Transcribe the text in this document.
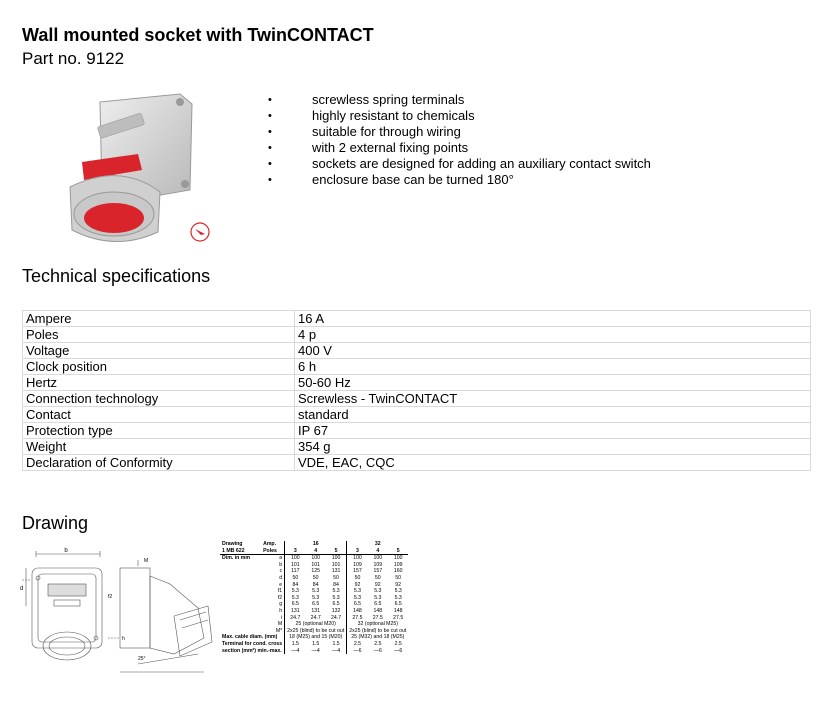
Wall mounted socket with TwinCONTACT
Part no. 9122
• screwless spring terminals
• highly resistant to chemicals
• suitable for through wiring
• with 2 external fixing points
• sockets are designed for adding an auxiliary contact switch
• enclosure base can be turned 180°
Technical specifications
Ampere	16 A
Poles	4 p
Voltage	400 V
Clock position	6 h
Hertz	50-60 Hz
Connection technology	Screwless - TwinCONTACT
Contact	standard
Protection type	IP 67
Weight	354 g
Declaration of Conformity	VDE, EAC, CQC
Drawing
b
d
M
f2
h
25°
Drawing	Amp.	16			32		
1 MB 622	Poles	3	4	5	3	4	5
Dim. in mm	a	100	100	100	100	100	100
	b	101	101	101	109	109	109
	c	117	125	131	157	157	160
	d	50	50	50	50	50	50
	e	84	84	84	92	92	92
	f1	5.3	5.3	5.3	5.3	5.3	5.3
	f2	5.3	5.3	5.3	5.3	5.3	5.3
	g	6.5	6.5	6.5	6.5	6.5	6.5
	h	131	131	132	148	148	148
	i	24.7	24.7	24.7	27.5	27.5	27.5
	M	25 (optional M20)			32 (optional M25)		
	M*	2x25 (blind) to be cut out			2x25 (blind) to be cut out		
Max. cable diam. (mm)		18 (M25) and 15 (M20)			25 (M32) and 18 (M25)		
Terminal for cond. cross		1.5	1.5	1.5	2.5	2.5	2.5
section (mm²) min.-max.		—4	—4	—4	—6	—6	—6
